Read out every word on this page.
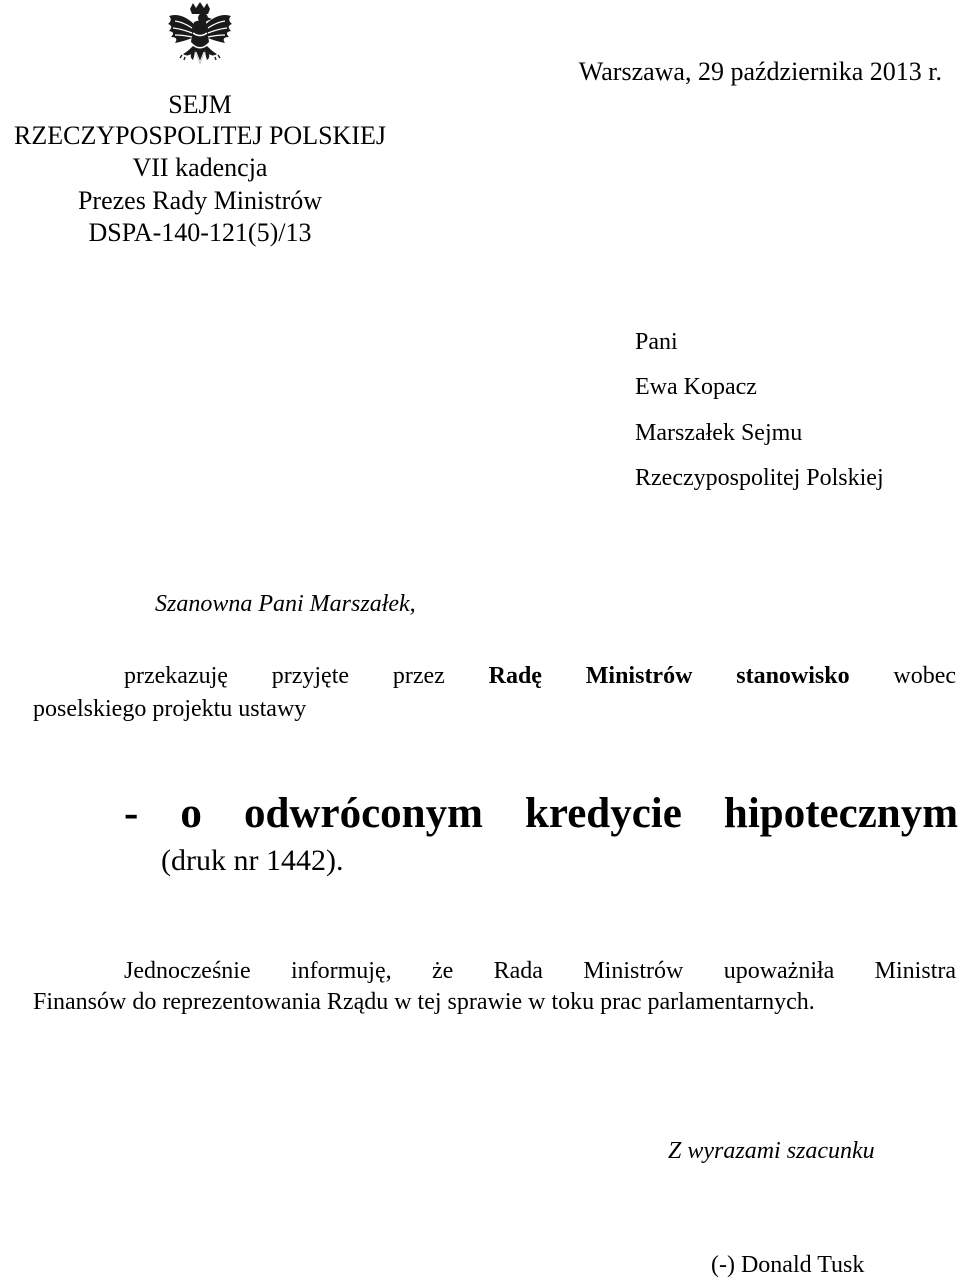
SEJM
RZECZYPOSPOLITEJ POLSKIEJ
VII kadencja
Prezes Rady Ministrów
DSPA-140-121(5)/13
Warszawa, 29 października 2013 r.
Pani
Ewa Kopacz
Marszałek Sejmu
Rzeczypospolitej Polskiej
Szanowna Pani Marszałek,
przekazuję przyjęte przez Radę Ministrów stanowisko wobec
poselskiego projektu ustawy
- o odwróconym kredycie hipotecznym
(druk nr 1442).
Jednocześnie informuję, że Rada Ministrów upoważniła Ministra
Finansów do reprezentowania Rządu w tej sprawie w toku prac parlamentarnych.
Z wyrazami szacunku
(-) Donald Tusk
